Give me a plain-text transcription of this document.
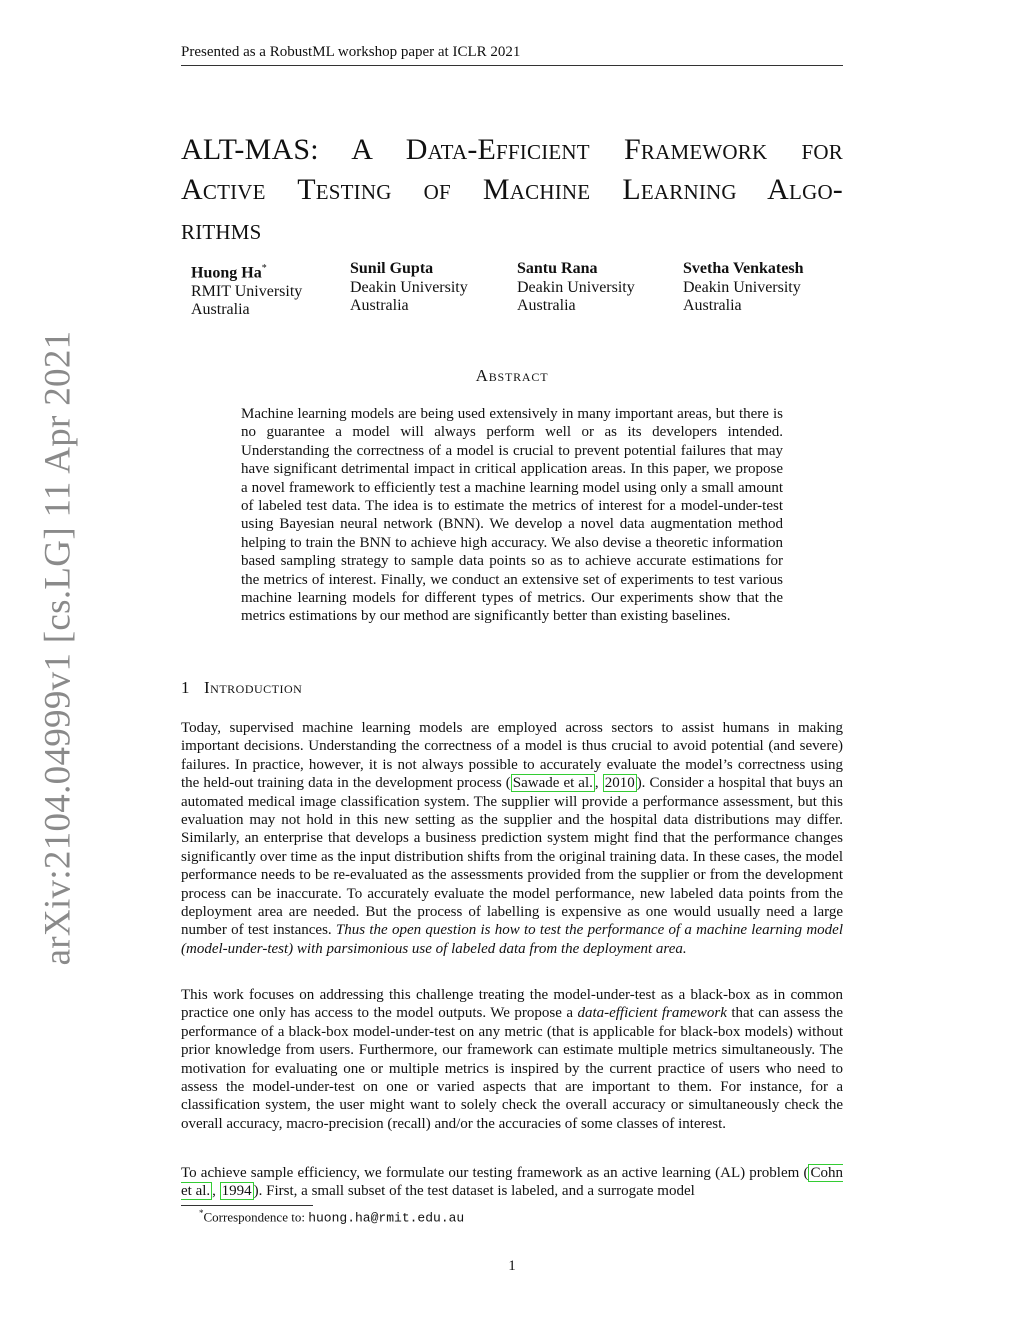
Presented as a RobustML workshop paper at ICLR 2021
arXiv:2104.04999v1 [cs.LG] 11 Apr 2021
ALT-MAS: A Data-Efficient Framework for
Active Testing of Machine Learning Algo-
rithms
Huong Ha*
RMIT University
Australia
Sunil Gupta
Deakin University
Australia
Santu Rana
Deakin University
Australia
Svetha Venkatesh
Deakin University
Australia
Abstract
Machine learning models are being used extensively in many important areas, but there is no guarantee a model will always perform well or as its developers intended. Understanding the correctness of a model is crucial to prevent potential failures that may have significant detrimental impact in critical application areas. In this paper, we propose a novel framework to efficiently test a machine learning model using only a small amount of labeled test data. The idea is to estimate the metrics of interest for a model-under-test using Bayesian neural network (BNN). We develop a novel data augmentation method helping to train the BNN to achieve high accuracy. We also devise a theoretic information based sampling strategy to sample data points so as to achieve accurate estimations for the metrics of interest. Finally, we conduct an extensive set of experiments to test various machine learning models for different types of metrics. Our experiments show that the metrics estimations by our method are significantly better than existing baselines.
1 Introduction

Today, supervised machine learning models are employed across sectors to assist humans in making important decisions. Understanding the correctness of a model is thus crucial to avoid potential (and severe) failures. In practice, however, it is not always possible to accurately evaluate the model’s correctness using the held-out training data in the development process ( Sawade et al. , 2010 ). Consider a hospital that buys an automated medical image classification system. The supplier will provide a performance assessment, but this evaluation may not hold in this new setting as the supplier and the hospital data distributions may differ. Similarly, an enterprise that develops a business prediction system might find that the performance changes significantly over time as the input distribution shifts from the original training data. In these cases, the model performance needs to be re-evaluated as the assessments provided from the supplier or from the development process can be inaccurate. To accurately evaluate the model performance, new labeled data points from the deployment area are needed. But the process of labelling is expensive as one would usually need a large number of test instances. Thus the open question is how to test the performance of a machine learning model (model-under-test) with parsimonious use of labeled data from the deployment area.

This work focuses on addressing this challenge treating the model-under-test as a black-box as in common practice one only has access to the model outputs. We propose a data-efficient framework that can assess the performance of a black-box model-under-test on any metric (that is applicable for black-box models) without prior knowledge from users. Furthermore, our framework can estimate multiple metrics simultaneously. The motivation for evaluating one or multiple metrics is inspired by the current practice of users who need to assess the model-under-test on one or varied aspects that are important to them. For instance, for a classification system, the user might want to solely check the overall accuracy or simultaneously check the overall accuracy, macro-precision (recall) and/or the accuracies of some classes of interest.

To achieve sample efficiency, we formulate our testing framework as an active learning (AL) problem ( Cohn et al. , 1994 ). First, a small subset of the test dataset is labeled, and a surrogate model

*Correspondence to: huong.ha@rmit.edu.au
1
